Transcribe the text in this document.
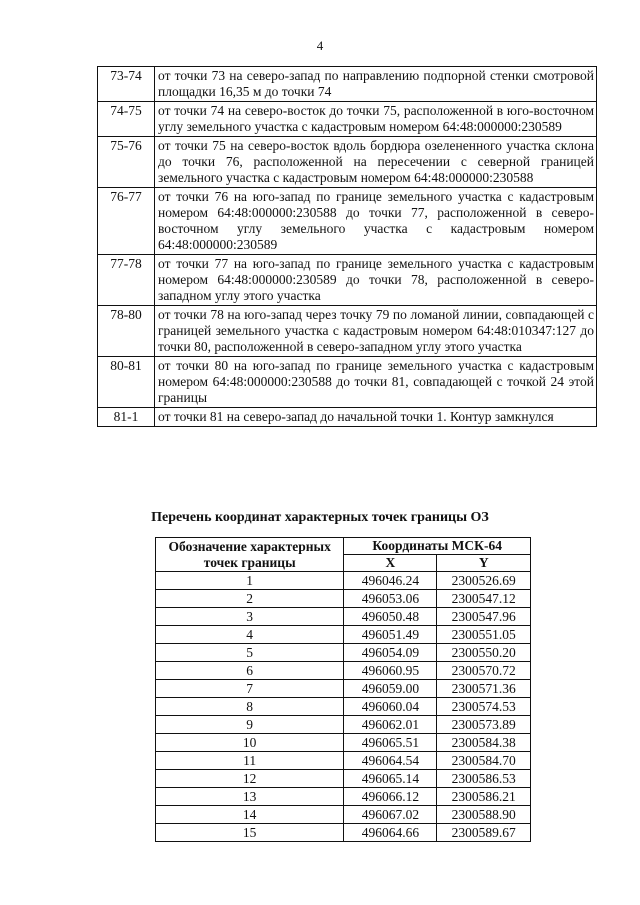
4
73-74	от точки 73 на северо-запад по направлению подпорной стенки смотровой площадки 16,35 м до точки 74
74-75	от точки 74 на северо-восток до точки 75, расположенной в юго-восточном углу земельного участка с кадастровым номером 64:48:000000:230589
75-76	от точки 75 на северо-восток вдоль бордюра озелененного участка склона до точки 76, расположенной на пересечении с северной границей земельного участка с кадастровым номером 64:48:000000:230588
76-77	от точки 76 на юго-запад по границе земельного участка с кадастровым номером 64:48:000000:230588 до точки 77, расположенной в северо-восточном углу земельного участка с кадастровым номером 64:48:000000:230589
77-78	от точки 77 на юго-запад по границе земельного участка с кадастровым номером 64:48:000000:230589 до точки 78, расположенной в северо-западном углу этого участка
78-80	от точки 78 на юго-запад через точку 79 по ломаной линии, совпадающей с границей земельного участка с кадастровым номером 64:48:010347:127 до точки 80, расположенной в северо-западном углу этого участка
80-81	от точки 80 на юго-запад по границе земельного участка с кадастровым номером 64:48:000000:230588 до точки 81, совпадающей с точкой 24 этой границы
81-1	от точки 81 на северо-запад до начальной точки 1. Контур замкнулся
Перечень координат характерных точек границы ОЗ
Обозначение характерных точек границы	Координаты МСК-64	
	X	Y
1	496046.24	2300526.69
2	496053.06	2300547.12
3	496050.48	2300547.96
4	496051.49	2300551.05
5	496054.09	2300550.20
6	496060.95	2300570.72
7	496059.00	2300571.36
8	496060.04	2300574.53
9	496062.01	2300573.89
10	496065.51	2300584.38
11	496064.54	2300584.70
12	496065.14	2300586.53
13	496066.12	2300586.21
14	496067.02	2300588.90
15	496064.66	2300589.67
